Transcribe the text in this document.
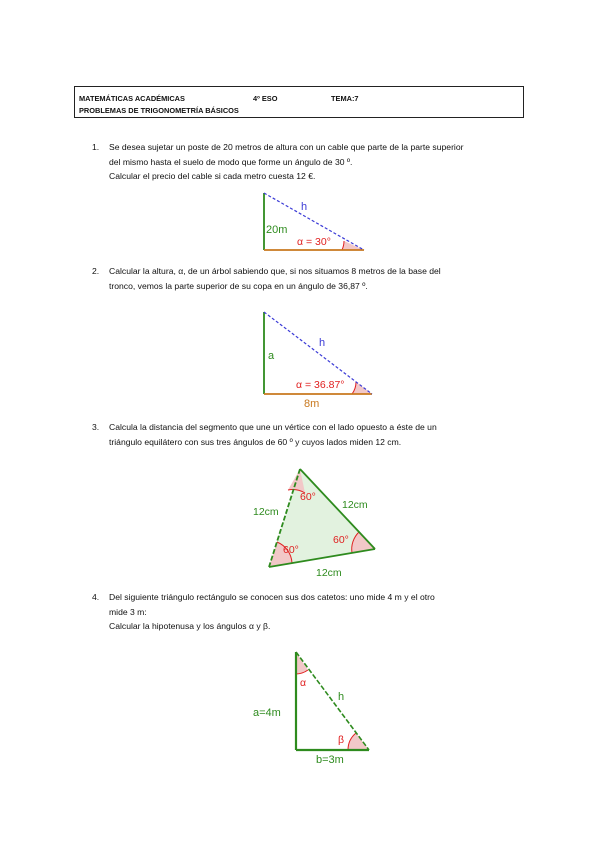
MATEMÁTICAS ACADÉMICAS	4º ESO	TEMA:7
PROBLEMAS DE TRIGONOMETRÍA BÁSICOS
1. Se desea sujetar un poste de 20 metros de altura con un cable que parte de la parte superior

del mismo hasta el suelo de modo que forme un ángulo de 30 º.

Calcular el precio del cable si cada metro cuesta 12 €.

20m
h
α = 30°
2. Calcular la altura, α, de un árbol sabiendo que, si nos situamos 8 metros de la base del

tronco, vemos la parte superior de su copa en un ángulo de 36,87 º.

a
h
α = 36.87°
8m
3. Calcula la distancia del segmento que une un vértice con el lado opuesto a éste de un

triángulo equilátero con sus tres ángulos de 60 º y cuyos lados miden 12 cm.

12cm
12cm
12cm
60°
60°
60°
4. Del siguiente triángulo rectángulo se conocen sus dos catetos: uno mide 4 m y el otro

mide 3 m:

Calcular la hipotenusa y los ángulos α y β.

a=4m
h
b=3m
α
β
